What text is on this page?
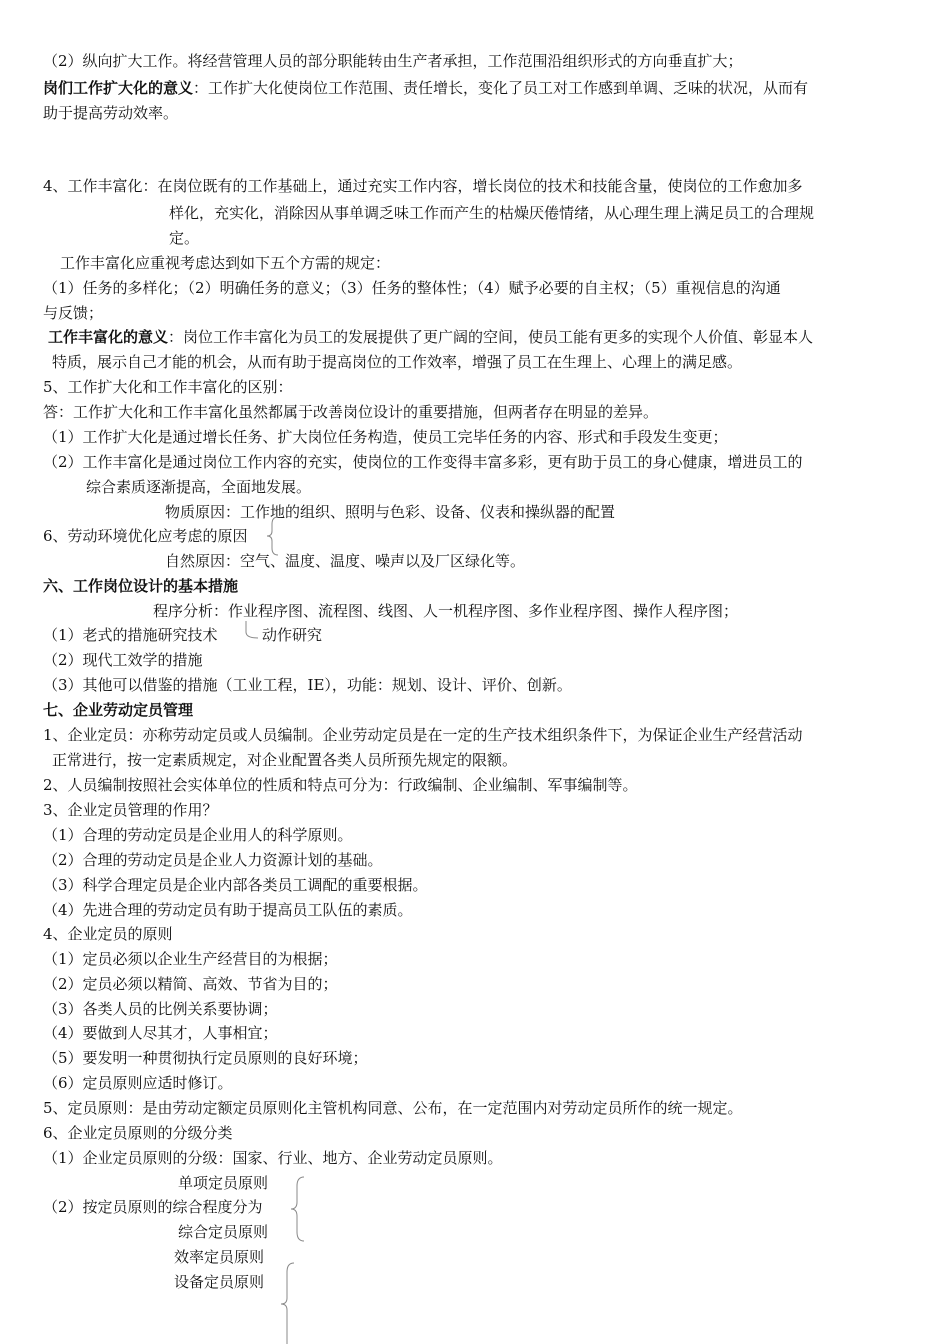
（2）纵向扩大工作。将经营管理人员的部分职能转由生产者承担，工作范围沿组织形式的方向垂直扩大；
岗们工作扩大化的意义：工作扩大化使岗位工作范围、责任增长，变化了员工对工作感到单调、乏味的状况，从而有
助于提高劳动效率。
4、工作丰富化：在岗位既有的工作基础上，通过充实工作内容，增长岗位的技术和技能含量，使岗位的工作愈加多
样化，充实化，消除因从事单调乏味工作而产生的枯燥厌倦情绪，从心理生理上满足员工的合理规
定。
工作丰富化应重视考虑达到如下五个方需的规定：
（1）任务的多样化；（2）明确任务的意义；（3）任务的整体性；（4）赋予必要的自主权；（5）重视信息的沟通
与反馈；
工作丰富化的意义：岗位工作丰富化为员工的发展提供了更广阔的空间，使员工能有更多的实现个人价值、彰显本人
特质，展示自己才能的机会，从而有助于提高岗位的工作效率，增强了员工在生理上、心理上的满足感。
5、工作扩大化和工作丰富化的区别：
答：工作扩大化和工作丰富化虽然都属于改善岗位设计的重要措施，但两者存在明显的差异。
（1）工作扩大化是通过增长任务、扩大岗位任务构造，使员工完毕任务的内容、形式和手段发生变更；
（2）工作丰富化是通过岗位工作内容的充实，使岗位的工作变得丰富多彩，更有助于员工的身心健康，增进员工的
综合素质逐渐提高，全面地发展。
物质原因：工作地的组织、照明与色彩、设备、仪表和操纵器的配置
6、劳动环境优化应考虑的原因
自然原因：空气、温度、温度、噪声以及厂区绿化等。
六、工作岗位设计的基本措施
程序分析：作业程序图、流程图、线图、人一机程序图、多作业程序图、操作人程序图；
（1）老式的措施研究技术	动作研究
（2）现代工效学的措施
（3）其他可以借鉴的措施（工业工程，IE），功能：规划、设计、评价、创新。
七、企业劳动定员管理
1、企业定员：亦称劳动定员或人员编制。企业劳动定员是在一定的生产技术组织条件下，为保证企业生产经营活动
正常进行，按一定素质规定，对企业配置各类人员所预先规定的限额。
2、人员编制按照社会实体单位的性质和特点可分为：行政编制、企业编制、军事编制等。
3、企业定员管理的作用？
（1）合理的劳动定员是企业用人的科学原则。
（2）合理的劳动定员是企业人力资源计划的基础。
（3）科学合理定员是企业内部各类员工调配的重要根据。
（4）先进合理的劳动定员有助于提高员工队伍的素质。
4、企业定员的原则
（1）定员必须以企业生产经营目的为根据；
（2）定员必须以精简、高效、节省为目的；
（3）各类人员的比例关系要协调；
（4）要做到人尽其才，人事相宜；
（5）要发明一种贯彻执行定员原则的良好环境；
（6）定员原则应适时修订。
5、定员原则：是由劳动定额定员原则化主管机构同意、公布，在一定范围内对劳动定员所作的统一规定。
6、企业定员原则的分级分类
（1）企业定员原则的分级：国家、行业、地方、企业劳动定员原则。
单项定员原则
（2）按定员原则的综合程度分为
综合定员原则
效率定员原则
设备定员原则
